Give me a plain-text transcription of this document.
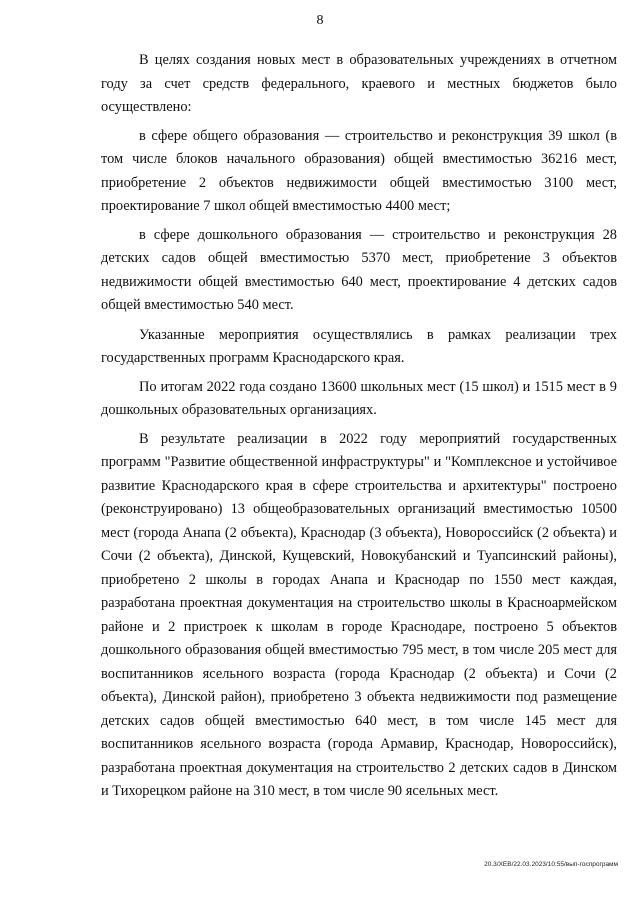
8

В целях создания новых мест в образовательных учреждениях в отчетном году за счет средств федерального, краевого и местных бюджетов было осуществлено:

в сфере общего образования — строительство и реконструкция 39 школ (в том числе блоков начального образования) общей вместимостью 36216 мест, приобретение 2 объектов недвижимости общей вместимостью 3100 мест, проектирование 7 школ общей вместимостью 4400 мест;

в сфере дошкольного образования — строительство и реконструкция 28 детских садов общей вместимостью 5370 мест, приобретение 3 объектов недвижимости общей вместимостью 640 мест, проектирование 4 детских садов общей вместимостью 540 мест.

Указанные мероприятия осуществлялись в рамках реализации трех государственных программ Краснодарского края.

По итогам 2022 года создано 13600 школьных мест (15 школ) и 1515 мест в 9 дошкольных образовательных организациях.

В результате реализации в 2022 году мероприятий государственных программ "Развитие общественной инфраструктуры" и "Комплексное и устойчивое развитие Краснодарского края в сфере строительства и архитектуры" построено (реконструировано) 13 общеобразовательных организаций вместимостью 10500 мест (города Анапа (2 объекта), Краснодар (3 объекта), Новороссийск (2 объекта) и Сочи (2 объекта), Динской, Кущевский, Новокубанский и Туапсинский районы), приобретено 2 школы в городах Анапа и Краснодар по 1550 мест каждая, разработана проектная документация на строительство школы в Красноармейском районе и 2 пристроек к школам в городе Краснодаре, построено 5 объектов дошкольного образования общей вместимостью 795 мест, в том числе 205 мест для воспитанников ясельного возраста (города Краснодар (2 объекта) и Сочи (2 объекта), Динской район), приобретено 3 объекта недвижимости под размещение детских садов общей вместимостью 640 мест, в том числе 145 мест для воспитанников ясельного возраста (города Армавир, Краснодар, Новороссийск), разработана проектная документация на строительство 2 детских садов в Динском и Тихорецком районе на 310 мест, в том числе 90 ясельных мест.

20.3/ХЕВ/22.03.2023/10:55/вып-госпрограмм
